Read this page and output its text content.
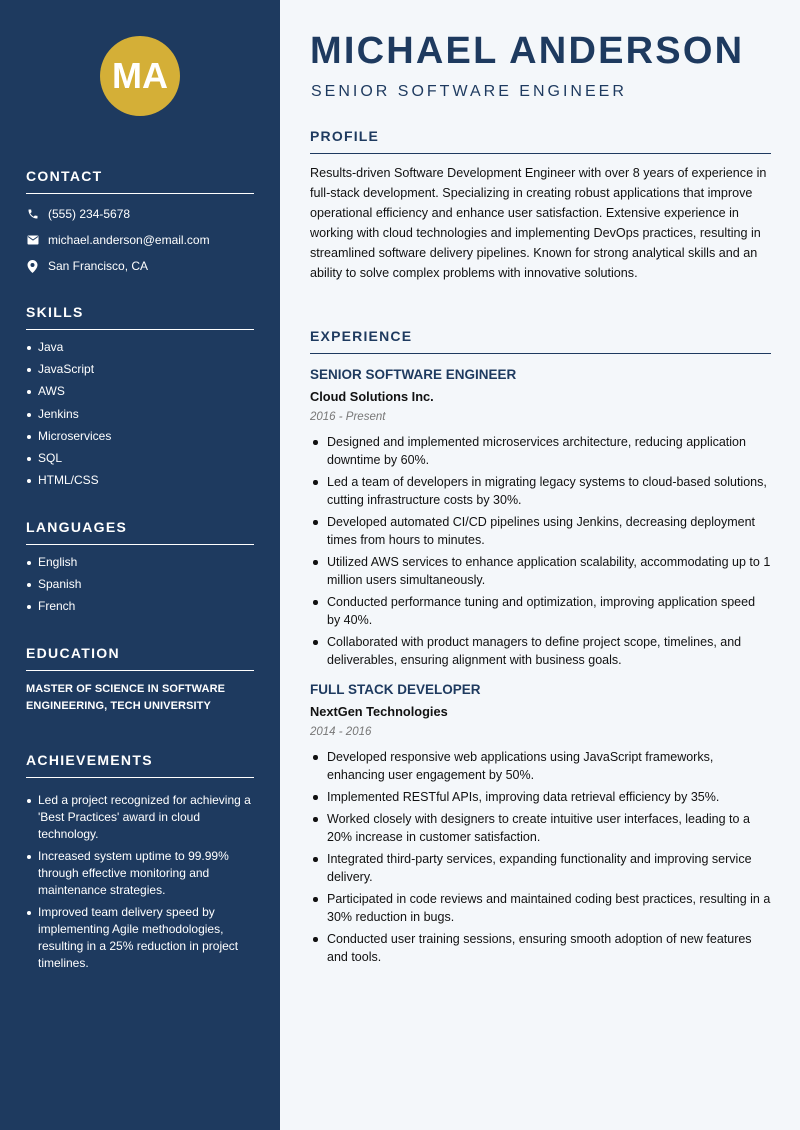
MA
CONTACT
(555) 234-5678
michael.anderson@email.com
San Francisco, CA
SKILLS
Java
JavaScript
AWS
Jenkins
Microservices
SQL
HTML/CSS
LANGUAGES
English
Spanish
French
EDUCATION
MASTER OF SCIENCE IN SOFTWARE ENGINEERING, TECH UNIVERSITY
ACHIEVEMENTS
Led a project recognized for achieving a 'Best Practices' award in cloud technology.
Increased system uptime to 99.99% through effective monitoring and maintenance strategies.
Improved team delivery speed by implementing Agile methodologies, resulting in a 25% reduction in project timelines.
MICHAEL ANDERSON
SENIOR SOFTWARE ENGINEER
PROFILE
Results-driven Software Development Engineer with over 8 years of experience in full-stack development. Specializing in creating robust applications that improve operational efficiency and enhance user satisfaction. Extensive experience in working with cloud technologies and implementing DevOps practices, resulting in streamlined software delivery pipelines. Known for strong analytical skills and an ability to solve complex problems with innovative solutions.
EXPERIENCE
SENIOR SOFTWARE ENGINEER
Cloud Solutions Inc.
2016 - Present
Designed and implemented microservices architecture, reducing application downtime by 60%.
Led a team of developers in migrating legacy systems to cloud-based solutions, cutting infrastructure costs by 30%.
Developed automated CI/CD pipelines using Jenkins, decreasing deployment times from hours to minutes.
Utilized AWS services to enhance application scalability, accommodating up to 1 million users simultaneously.
Conducted performance tuning and optimization, improving application speed by 40%.
Collaborated with product managers to define project scope, timelines, and deliverables, ensuring alignment with business goals.
FULL STACK DEVELOPER
NextGen Technologies
2014 - 2016
Developed responsive web applications using JavaScript frameworks, enhancing user engagement by 50%.
Implemented RESTful APIs, improving data retrieval efficiency by 35%.
Worked closely with designers to create intuitive user interfaces, leading to a 20% increase in customer satisfaction.
Integrated third-party services, expanding functionality and improving service delivery.
Participated in code reviews and maintained coding best practices, resulting in a 30% reduction in bugs.
Conducted user training sessions, ensuring smooth adoption of new features and tools.
